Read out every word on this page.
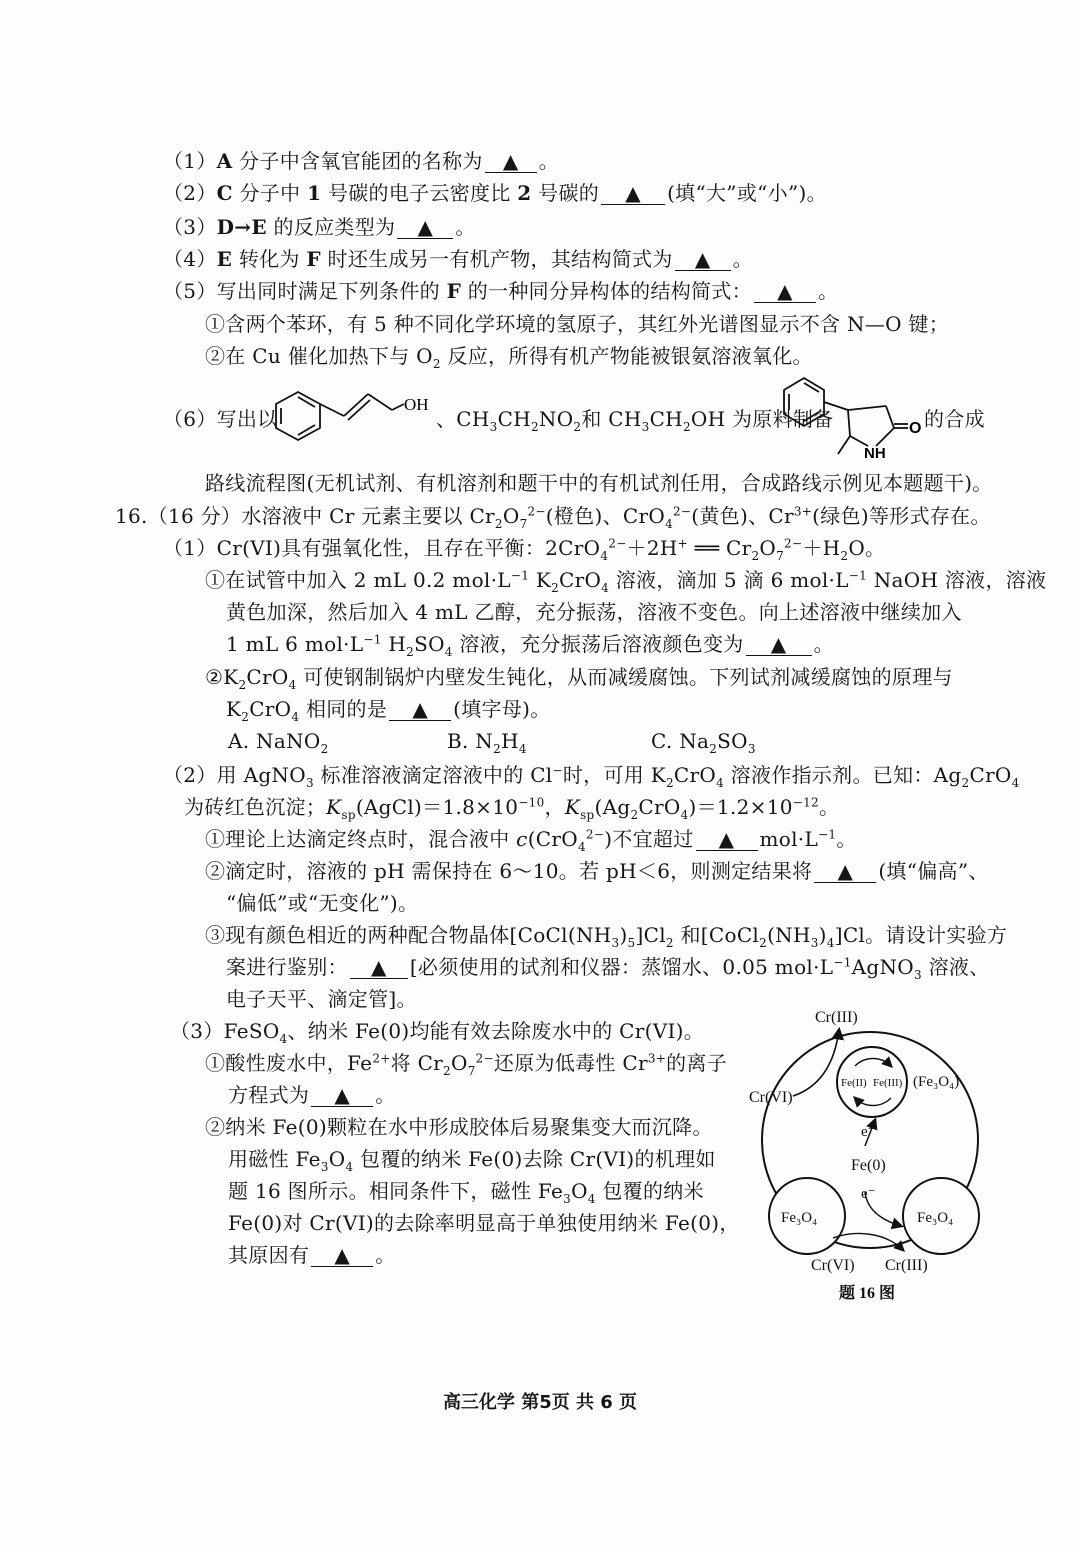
（1）A 分子中含氧官能团的名称为 ▲ 。
（2）C 分子中 1 号碳的电子云密度比 2 号碳的 ▲ (填“大”或“小”)。
（3）D→E 的反应类型为 ▲ 。
（4）E 转化为 F 时还生成另一有机产物，其结构简式为 ▲ 。
（5）写出同时满足下列条件的 F 的一种同分异构体的结构简式： ▲ 。
①含两个苯环，有 5 种不同化学环境的氢原子，其红外光谱图显示不含 N—O 键；
②在 Cu 催化加热下与 $O_2$ 反应，所得有机产物能被银氨溶液氧化。
（6）写出以
OH
、$CH_3CH_2NO_2$和 $CH_3CH_2OH$ 为原料制备	O
NH
的合成
路线流程图(无机试剂、有机溶剂和题干中的有机试剂任用，合成路线示例见本题题干)。
16.（16 分）水溶液中 Cr 元素主要以 $Cr_2O_7^{2-}$(橙色)、CrO$_4^{2-}$(黄色)、$Cr^{3+}$(绿色)等形式存在。
（1）Cr(VI)具有强氧化性，且存在平衡：2CrO$_4^{2-}$＋2H+ ══ $Cr_2O_7^{2-}+H_2O$。
①在试管中加入 2 mL 0.2 $mol\cdot L^{-1}$ $K_2CrO_4$ 溶液，滴加 5 滴 6 $mol\cdot L^{-1}$ NaOH 溶液，溶液
黄色加深，然后加入 4 mL 乙醇，充分振荡，溶液不变色。向上述溶液中继续加入
1 mL 6 $mol\cdot L^{-1}$ $H_2SO_4$ 溶液，充分振荡后溶液颜色变为 ▲ 。
$②K_2CrO_4$ 可使钢制锅炉内壁发生钝化，从而减缓腐蚀。下列试剂减缓腐蚀的原理与
$K_2CrO_4$ 相同的是 ▲ (填字母)。
A. NaNO$_2$	B. $N_2H_4$	C. $Na_2SO_3$
（2）用 AgNO$_3$ 标准溶液滴定溶液中的 Cl−时，可用 $K_2CrO_4$ 溶液作指示剂。已知：$Ag_2CrO_4$
为砖红色沉淀；$K_{sp}(AgCl)=1.8\times 10^{-10}$，$K_{sp}(Ag_2CrO_4)=1.2\times 10^{-12}$。
①理论上达滴定终点时，混合液中 c(CrO$_4^{2-}$)不宜超过 ▲ $mol\cdot L^{-1}$。
②滴定时，溶液的 pH 需保持在 6～10。若 pH＜6，则测定结果将 ▲ (填“偏高”、
“偏低”或“无变化”)。
③现有颜色相近的两种配合物晶体$[CoCl(NH_3)_5]Cl_2$ 和$[CoCl_2(NH_3)_4]Cl$。请设计实验方
案进行鉴别： ▲ [必须使用的试剂和仪器：蒸馏水、0.05 $mol\cdot L^{-1}AgNO_3$ 溶液、
电子天平、滴定管]。
（3）FeSO$_4$、纳米 Fe(0)均能有效去除废水中的 Cr(VI)。
①酸性废水中，$Fe^{2+}$将 $Cr_2O_7^{2-}$还原为低毒性 $Cr^{3+}$的离子
方程式为 ▲ 。
②纳米 Fe(0)颗粒在水中形成胶体后易聚集变大而沉降。
用磁性 $Fe_3O_4$ 包覆的纳米 Fe(0)去除 Cr(VI)的机理如
题 16 图所示。相同条件下，磁性 $Fe_3O_4$ 包覆的纳米
Fe(0)对 Cr(VI)的去除率明显高于单独使用纳米 Fe(0)，
其原因有 ▲ 。
Cr(III)
Cr(VI)
Fe(II) Fe(III) (Fe₃O₄)
e⁻
Fe(0)
e⁻
Fe₃O₄	Fe₃O₄
Cr(VI) Cr(III)
题 16 图
高三化学 第5页 共 6 页
